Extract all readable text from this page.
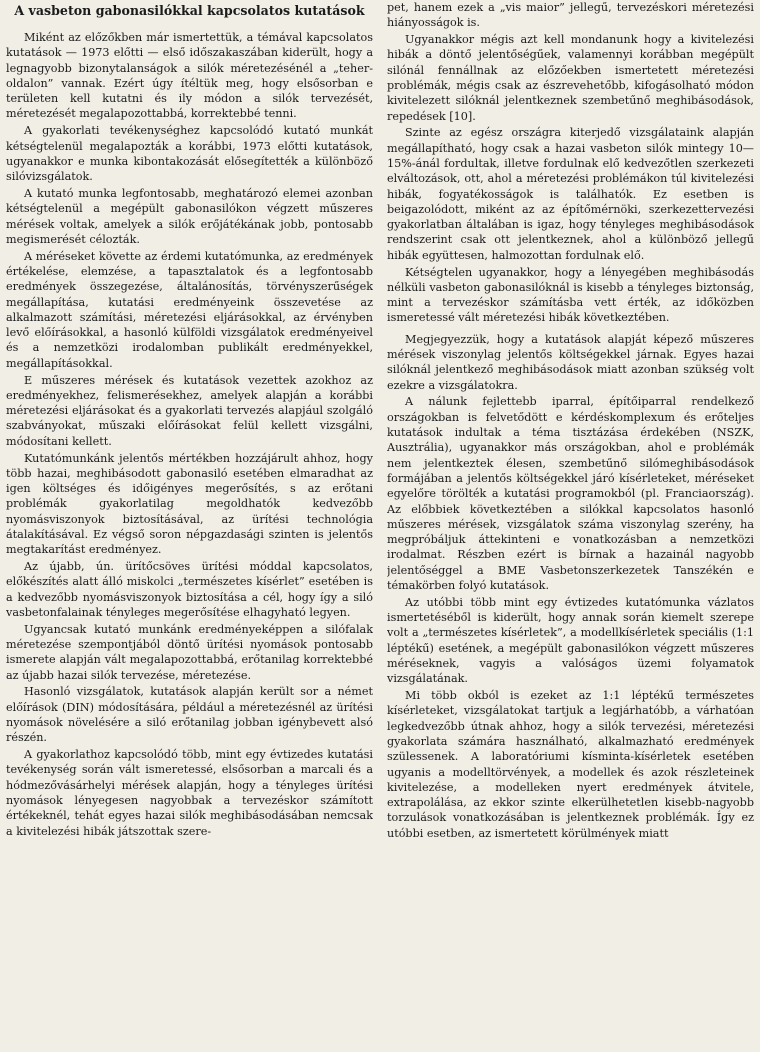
A vasbeton gabonasilókkal kapcsolatos kutatások

Miként az előzőkben már ismertettük, a témával kapcsolatos kutatások — 1973 előtti — első időszakaszában kiderült, hogy a legnagyobb bizonytalanságok a silók méretezésénél a „teher-oldalon” vannak. Ezért úgy ítéltük meg, hogy elsősorban e területen kell kutatni és ily módon a silók tervezését, méretezését megalapozottabbá, korrektebbé tenni.

A gyakorlati tevékenységhez kapcsolódó kutató munkát kétségtelenül megalapozták a korábbi, 1973 előtti kutatások, ugyanakkor e munka kibontakozását elősegítették a különböző silóvizsgálatok.

A kutató munka legfontosabb, meghatározó elemei azonban kétségtelenül a megépült gabonasilókon végzett műszeres mérések voltak, amelyek a silók erőjátékának jobb, pontosabb megismerését célozták.

A méréseket követte az érdemi kutatómunka, az eredmények értékelése, elemzése, a tapasztalatok és a legfontosabb eredmények összegezése, általánosítás, törvényszerűségek megállapítása, kutatási eredményeink összevetése az alkalmazott számítási, méretezési eljárásokkal, az érvényben levő előírásokkal, a hasonló külföldi vizsgálatok eredményeivel és a nemzetközi irodalomban publikált eredményekkel, megállapításokkal.

E műszeres mérések és kutatások vezettek azokhoz az eredményekhez, felismerésekhez, amelyek alapján a korábbi méretezési eljárásokat és a gyakorlati tervezés alapjául szolgáló szabványokat, műszaki előírásokat felül kellett vizsgálni, módosítani kellett.

Kutatómunkánk jelentős mértékben hozzájárult ahhoz, hogy több hazai, meghibásodott gabonasiló esetében elmaradhat az igen költséges és időigényes megerősítés, s az erőtani problémák gyakorlatilag megoldhatók kedvezőbb nyomásviszonyok biztosításával, az ürítési technológia átalakításával. Ez végső soron népgazdasági szinten is jelentős megtakarítást eredményez.

Az újabb, ún. ürítőcsöves ürítési móddal kapcsolatos, előkészítés alatt álló miskolci „természetes kísérlet” esetében is a kedvezőbb nyomásviszonyok biztosítása a cél, hogy így a siló vasbetonfalainak tényleges megerősítése elhagyható legyen.

Ugyancsak kutató munkánk eredményeképpen a silófalak méretezése szempontjából döntő ürítési nyomások pontosabb ismerete alapján vált megalapozottabbá, erőtanilag korrektebbé az újabb hazai silók tervezése, méretezése.

Hasonló vizsgálatok, kutatások alapján került sor a német előírások (DIN) módosítására, például a méretezésnél az ürítési nyomások növelésére a siló erőtanilag jobban igénybevett alsó részén.

A gyakorlathoz kapcsolódó több, mint egy évtizedes kutatási tevékenység során vált ismeretessé, elsősorban a marcali és a hódmezővásárhelyi mérések alapján, hogy a tényleges ürítési nyomások lényegesen nagyobbak a tervezéskor számított értékeknél, tehát egyes hazai silók meghibásodásában nemcsak a kivitelezési hibák játszottak szere-

pet, hanem ezek a „vis maior” jellegű, tervezéskori méretezési hiányosságok is.

Ugyanakkor mégis azt kell mondanunk hogy a kivitelezési hibák a döntő jelentőségűek, valamennyi korábban megépült silónál fennállnak az előzőekben ismertetett méretezési problémák, mégis csak az észrevehetőbb, kifogásolható módon kivitelezett silóknál jelentkeznek szembetűnő meghibásodások, repedések [10].

Szinte az egész országra kiterjedő vizsgálataink alapján megállapítható, hogy csak a hazai vasbeton silók mintegy 10—15%-ánál fordultak, illetve fordulnak elő kedvezőtlen szerkezeti elváltozások, ott, ahol a méretezési problémákon túl kivitelezési hibák, fogyatékosságok is találhatók. Ez esetben is beigazolódott, miként az az építőmérnöki, szerkezettervezési gyakorlatban általában is igaz, hogy tényleges meghibásodások rendszerint csak ott jelentkeznek, ahol a különböző jellegű hibák együttesen, halmozottan fordulnak elő.

Kétségtelen ugyanakkor, hogy a lényegében meghibásodás nélküli vasbeton gabonasilóknál is kisebb a tényleges biztonság, mint a tervezéskor számításba vett érték, az időközben ismeretessé vált méretezési hibák következtében.

Megjegyezzük, hogy a kutatások alapját képező műszeres mérések viszonylag jelentős költségekkel járnak. Egyes hazai silóknál jelentkező meghibásodások miatt azonban szükség volt ezekre a vizsgálatokra.

A nálunk fejlettebb iparral, építőiparral rendelkező országokban is felvetődött e kérdéskomplexum és erőteljes kutatások indultak a téma tisztázása érdekében (NSZK, Ausztrália), ugyanakkor más országokban, ahol e problémák nem jelentkeztek élesen, szembetűnő silómeghibásodások formájában a jelentős költségekkel járó kísérleteket, méréseket egyelőre törölték a kutatási programokból (pl. Franciaország). Az előbbiek következtében a silókkal kapcsolatos hasonló műszeres mérések, vizsgálatok száma viszonylag szerény, ha megpróbáljuk áttekinteni e vonatkozásban a nemzetközi irodalmat. Részben ezért is bírnak a hazainál nagyobb jelentőséggel a BME Vasbetonszerkezetek Tanszékén e témakörben folyó kutatások.

Az utóbbi több mint egy évtizedes kutatómunka vázlatos ismertetéséből is kiderült, hogy annak során kiemelt szerepe volt a „természetes kísérletek”, a modellkísérletek speciális (1:1 léptékű) esetének, a megépült gabonasilókon végzett műszeres méréseknek, vagyis a valóságos üzemi folyamatok vizsgálatának.

Mi több okból is ezeket az 1:1 léptékű természetes kísérleteket, vizsgálatokat tartjuk a legjárhatóbb, a várhatóan legkedvezőbb útnak ahhoz, hogy a silók tervezési, méretezési gyakorlata számára használható, alkalmazható eredmények szülessenek. A laboratóriumi kísminta-kísérletek esetében ugyanis a modelltörvények, a modellek és azok részleteinek kivitelezése, a modelleken nyert eredmények átvitele, extrapolálása, az ekkor szinte elkerülhetetlen kisebb-nagyobb torzulások vonatkozásában is jelentkeznek problémák. Így ez utóbbi esetben, az ismertetett körülmények miatt
